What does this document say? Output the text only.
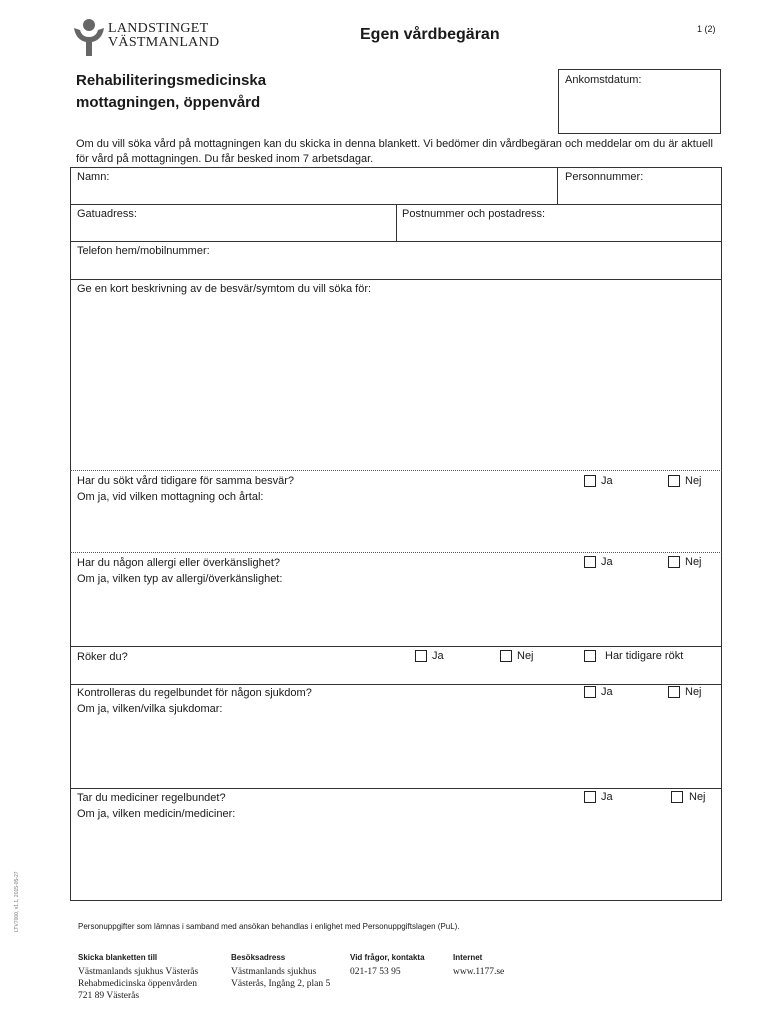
LANDSTINGET
VÄSTMANLAND	Egen vårdbegäran	1 (2)
Rehabiliteringsmedicinska
mottagningen, öppenvård
Ankomstdatum:
Om du vill söka vård på mottagningen kan du skicka in denna blankett. Vi bedömer din vårdbegäran och meddelar om du är aktuell för vård på mottagningen. Du får besked inom 7 arbetsdagar.
Namn:	Personnummer:
Gatuadress:	Postnummer och postadress:
Telefon hem/mobilnummer:
Ge en kort beskrivning av de besvär/symtom du vill söka för:
Har du sökt vård tidigare för samma besvär?
Om ja, vid vilken mottagning och årtal:
Ja	Nej
Har du någon allergi eller överkänslighet?
Om ja, vilken typ av allergi/överkänslighet:
Ja	Nej
Röker du?	Ja	Nej	Har tidigare rökt
Kontrolleras du regelbundet för någon sjukdom?
Om ja, vilken/vilka sjukdomar:
Ja	Nej
Tar du mediciner regelbundet?
Om ja, vilken medicin/mediciner:
Ja	Nej
LTV7000, v1.1, 2015-05-27	Personuppgifter som lämnas i samband med ansökan behandlas i enlighet med Personuppgiftslagen (PuL).
Skicka blanketten till
Västmanlands sjukhus Västerås
Rehabmedicinska öppenvården
721 89 Västerås
Besöksadress
Västmanlands sjukhus
Västerås, Ingång 2, plan 5
Vid frågor, kontakta
021-17 53 95
Internet
www.1177.se
